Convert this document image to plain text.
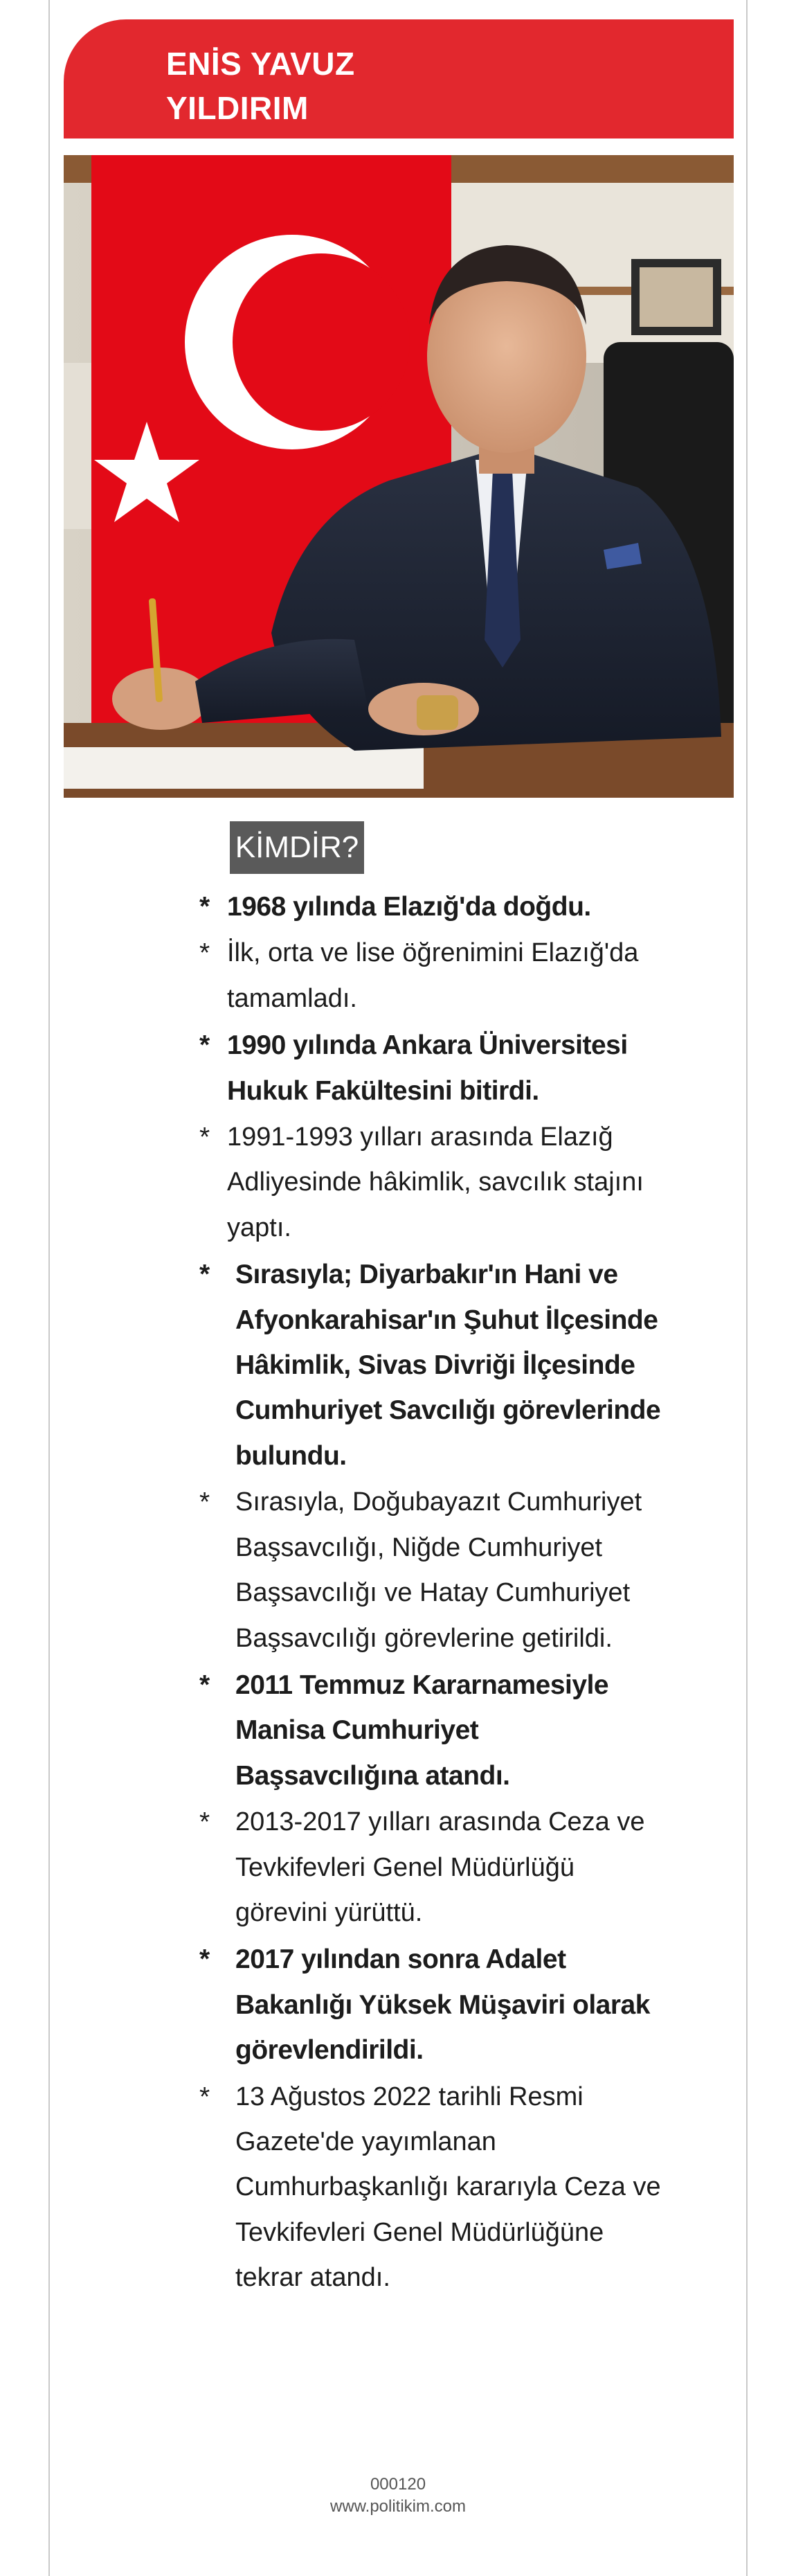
ENİS YAVUZ
YILDIRIM
KİMDİR?
* 1968 yılında Elazığ'da doğdu.
* İlk, orta ve lise öğrenimini Elazığ'da tamamladı.
* 1990 yılında Ankara Üniversitesi Hukuk Fakültesini bitirdi.
* 1991-1993 yılları arasında Elazığ Adliyesinde hâkimlik, savcılık stajını yaptı.
* Sırasıyla; Diyarbakır'ın Hani ve Afyonkarahisar'ın Şuhut İlçesinde Hâkimlik, Sivas Divriği İlçesinde Cumhuriyet Savcılığı görevlerinde bulundu.
* Sırasıyla, Doğubayazıt Cumhuriyet Başsavcılığı, Niğde Cumhuriyet Başsavcılığı ve Hatay Cumhuriyet Başsavcılığı görevlerine getirildi.
* 2011 Temmuz Kararnamesiyle Manisa Cumhuriyet Başsavcılığına atandı.
* 2013-2017 yılları arasında Ceza ve Tevkifevleri Genel Müdürlüğü görevini yürüttü.
* 2017 yılından sonra Adalet Bakanlığı Yüksek Müşaviri olarak görevlendirildi.
* 13 Ağustos 2022 tarihli Resmi Gazete'de yayımlanan Cumhurbaşkanlığı kararıyla Ceza ve Tevkifevleri Genel Müdürlüğüne tekrar atandı.
000120
www.politikim.com
